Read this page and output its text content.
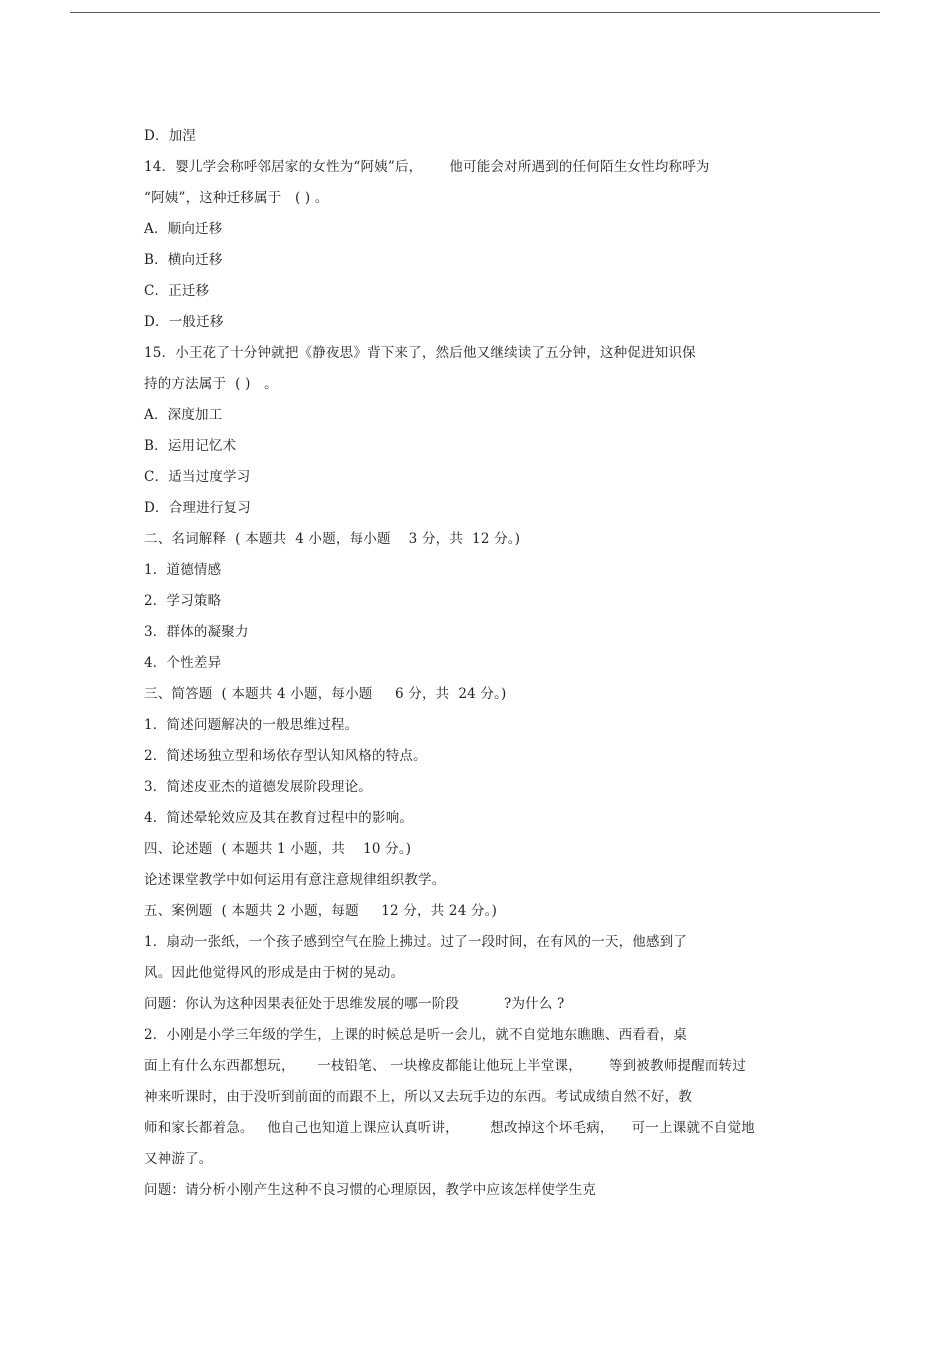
D．加涅
14．婴儿学会称呼邻居家的女性为“阿姨”后，      他可能会对所遇到的任何陌生女性均称呼为
“阿姨”，这种迁移属于   ( ) 。
A．顺向迁移
B．横向迁移
C．正迁移
D．一般迁移
15．小王花了十分钟就把《静夜思》背下来了，然后他又继续读了五分钟，这种促进知识保
持的方法属于  ( )   。
A．深度加工
B．运用记忆术
C．适当过度学习
D．合理进行复习
二、名词解释  ( 本题共  4 小题，每小题    3 分，共  12 分。)
1．道德情感
2．学习策略
3．群体的凝聚力
4．个性差异
三、简答题  ( 本题共 4 小题，每小题     6 分，共  24 分。)
1．简述问题解决的一般思维过程。
2．简述场独立型和场依存型认知风格的特点。
3．简述皮亚杰的道德发展阶段理论。
4．简述晕轮效应及其在教育过程中的影响。
四、论述题  ( 本题共 1 小题，共    10 分。)
论述课堂教学中如何运用有意注意规律组织教学。
五、案例题  ( 本题共 2 小题，每题     12 分，共 24 分。)
1．扇动一张纸，一个孩子感到空气在脸上拂过。过了一段时间，在有风的一天，他感到了
风。因此他觉得风的形成是由于树的晃动。
问题：你认为这种因果表征处于思维发展的哪一阶段          ?为什么 ?
2．小刚是小学三年级的学生，上课的时候总是听一会儿，就不自觉地东瞧瞧、西看看，桌
面上有什么东西都想玩，     一枝铅笔、 一块橡皮都能让他玩上半堂课，      等到被教师提醒而转过
神来听课时，由于没听到前面的而跟不上，所以又去玩手边的东西。考试成绩自然不好，教
师和家长都着急。   他自己也知道上课应认真听讲，       想改掉这个坏毛病，    可一上课就不自觉地
又神游了。
问题：请分析小刚产生这种不良习惯的心理原因，教学中应该怎样使学生克
